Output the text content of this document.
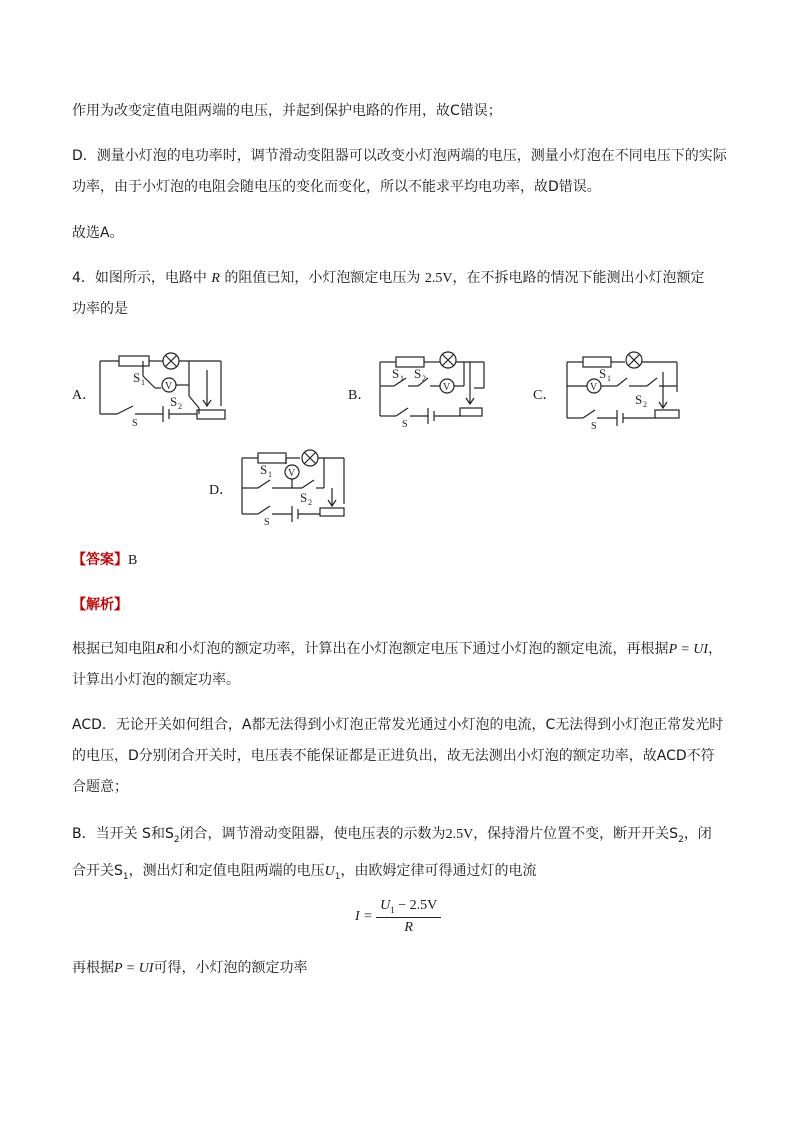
作用为改变定值电阻两端的电压，并起到保护电路的作用，故C错误；

D．测量小灯泡的电功率时，调节滑动变阻器可以改变小灯泡两端的电压，测量小灯泡在不同电压下的实际
功率，由于小灯泡的电阻会随电压的变化而变化，所以不能求平均电功率，故D错误。

故选A。

4．如图所示，电路中 R 的阻值已知，小灯泡额定电压为 2.5V，在不拆电路的情况下能测出小灯泡额定
功率的是

A．	B．	C．
D．
V
S 1
S 2
S
V
S 1 S 2
S
V
S 1
S 2
S
V
S 1
S 2
S

【答案】B

【解析】

根据已知电阻R和小灯泡的额定功率，计算出在小灯泡额定电压下通过小灯泡的额定电流，再根据P = UI，
计算出小灯泡的额定功率。

ACD．无论开关如何组合，A都无法得到小灯泡正常发光通过小灯泡的电流，C无法得到小灯泡正常发光时
的电压，D分别闭合开关时，电压表不能保证都是正进负出，故无法测出小灯泡的额定功率，故ACD不符
合题意；

B．当开关 S和$S_2$闭合，调节滑动变阻器，使电压表的示数为2.5V，保持滑片位置不变，断开开关$S_2$，闭
合开关$S_1$，测出灯和定值电阻两端的电压$U_1$，由欧姆定律可得通过灯的电流

$I = \frac{U_1 - 2.5V}{R}$

再根据P = UI可得，小灯泡的额定功率
